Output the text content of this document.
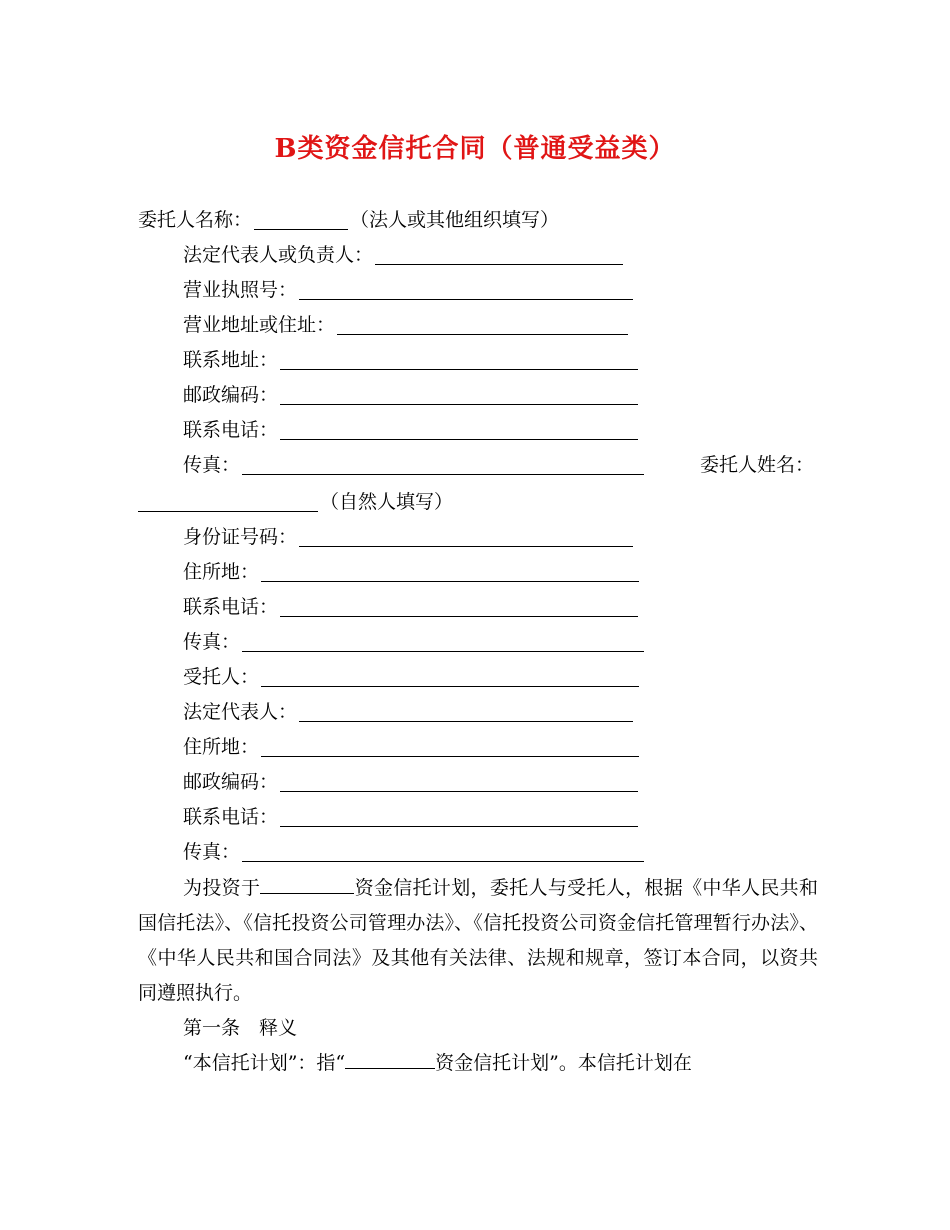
B类资金信托合同（普通受益类）
委托人名称：	（法人或其他组织填写）
法定代表人或负责人：
营业执照号：
营业地址或住址：
联系地址：
邮政编码：
联系电话：
传真：	委托人姓名：
（自然人填写）
身份证号码：
住所地：
联系电话：
传真：
受托人：
法定代表人：
住所地：
邮政编码：
联系电话：
传真：

为投资于	资金信托计划，委托人与受托人，根据《中华人民共和国信托法》、《信托投资公司管理办法》、《信托投资公司资金信托管理暂行办法》、《中华人民共和国合同法》及其他有关法律、法规和规章，签订本合同，以资共同遵照执行。

第一条　释义

“本信托计划”：指“	资金信托计划”。本信托计划在
